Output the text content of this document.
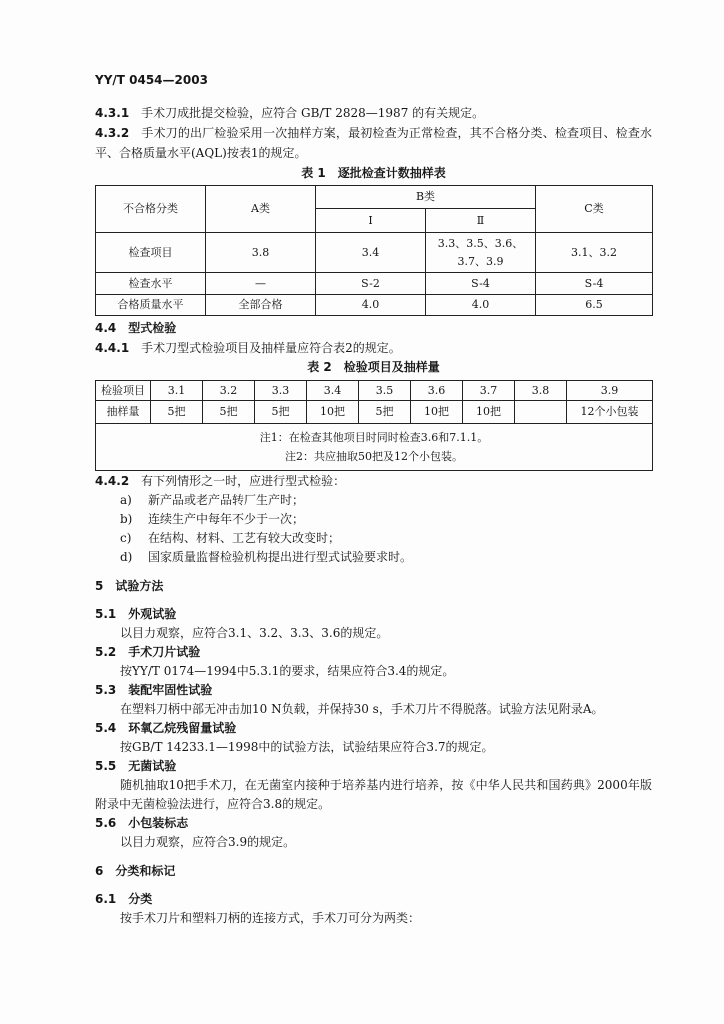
YY/T 0454—2003
4.3.1 手术刀成批提交检验，应符合 GB/T 2828—1987 的有关规定。
4.3.2 手术刀的出厂检验采用一次抽样方案，最初检查为正常检查，其不合格分类、检查项目、检查水
平、合格质量水平(AQL)按表1的规定。
表 1 逐批检查计数抽样表
不合格分类	A类	B类		C类
		Ⅰ	Ⅱ	
检查项目	3.8	3.4	3.3、3.5、3.6、
3.7、3.9	3.1、3.2
检查水平	—	S-2	S-4	S-4
合格质量水平	全部合格	4.0	4.0	6.5
4.4 型式检验
4.4.1 手术刀型式检验项目及抽样量应符合表2的规定。
表 2 检验项目及抽样量
检验项目	3.1	3.2	3.3	3.4	3.5	3.6	3.7	3.8	3.9
抽样量	5把	5把	5把	10把	5把	10把	10把		12个小包装

注1：在检查其他项目时同时检查3.6和7.1.1。
注2：共应抽取50把及12个小包装。									
4.4.2 有下列情形之一时，应进行型式检验：
a) 新产品或老产品转厂生产时；
b) 连续生产中每年不少于一次；
c) 在结构、材料、工艺有较大改变时；
d) 国家质量监督检验机构提出进行型式试验要求时。
5 试验方法
5.1 外观试验
以目力观察，应符合3.1、3.2、3.3、3.6的规定。
5.2 手术刀片试验
按YY/T 0174—1994中5.3.1的要求，结果应符合3.4的规定。
5.3 装配牢固性试验
在塑料刀柄中部无冲击加10 N负载，并保持30 s，手术刀片不得脱落。试验方法见附录A。
5.4 环氧乙烷残留量试验
按GB/T 14233.1—1998中的试验方法，试验结果应符合3.7的规定。
5.5 无菌试验
随机抽取10把手术刀，在无菌室内接种于培养基内进行培养，按《中华人民共和国药典》2000年版
附录中无菌检验法进行，应符合3.8的规定。
5.6 小包装标志
以目力观察，应符合3.9的规定。
6 分类和标记
6.1 分类
按手术刀片和塑料刀柄的连接方式，手术刀可分为两类：
